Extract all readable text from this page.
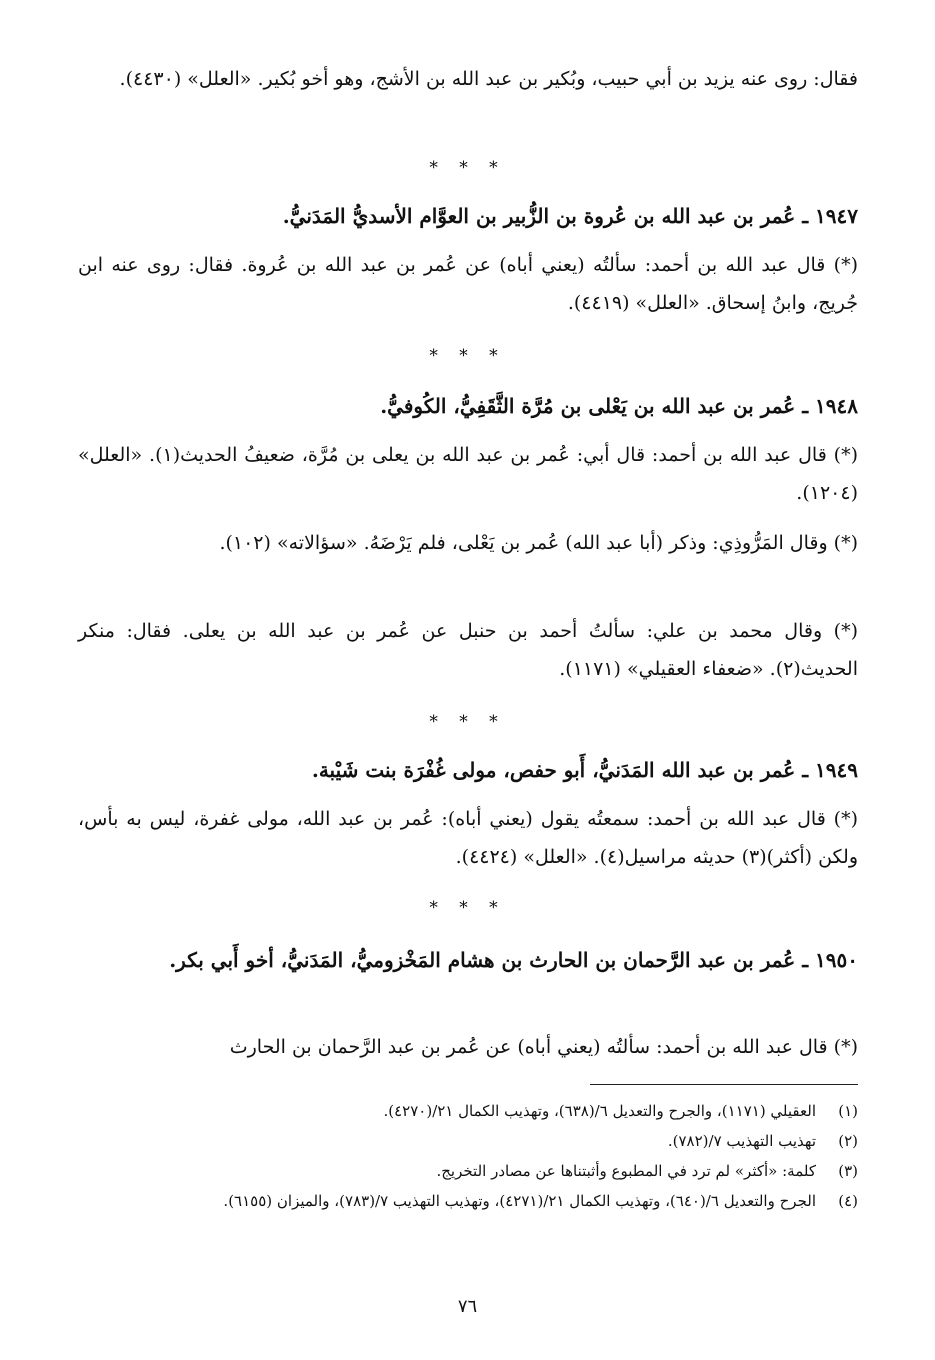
فقال: روى عنه يزيد بن أبي حبيب، وبُكير بن عبد الله بن الأشج، وهو أخو بُكير. «العلل» (٤٤٣٠).
* * *
١٩٤٧ ـ عُمر بن عبد الله بن عُروة بن الزُّبير بن العوَّام الأسديُّ المَدَنيُّ.
(*) قال عبد الله بن أحمد: سألتُه (يعني أباه) عن عُمر بن عبد الله بن عُروة. فقال: روى عنه ابن جُريج، وابنُ إسحاق. «العلل» (٤٤١٩).
* * *
١٩٤٨ ـ عُمر بن عبد الله بن يَعْلى بن مُرَّة الثَّقَفِيُّ، الكُوفيُّ.
(*) قال عبد الله بن أحمد: قال أبي: عُمر بن عبد الله بن يعلى بن مُرَّة، ضعيفُ الحديث(١). «العلل» (١٢٠٤).
(*) وقال المَرُّوذِي: وذكر (أبا عبد الله) عُمر بن يَعْلى، فلم يَرْضَهُ. «سؤالاته» (١٠٢).
(*) وقال محمد بن علي: سألتُ أحمد بن حنبل عن عُمر بن عبد الله بن يعلى. فقال: منكر الحديث(٢). «ضعفاء العقيلي» (١١٧١).
* * *
١٩٤٩ ـ عُمر بن عبد الله المَدَنيُّ، أَبو حفص، مولى غُفْرَة بنت شَيْبة.
(*) قال عبد الله بن أحمد: سمعتُه يقول (يعني أباه): عُمر بن عبد الله، مولى غفرة، ليس به بأس، ولكن (أكثر)(٣) حديثه مراسيل(٤). «العلل» (٤٤٢٤).
* * *
١٩٥٠ ـ عُمر بن عبد الرَّحمان بن الحارث بن هشام المَخْزوميُّ، المَدَنيُّ، أخو أَبي بكر.
(*) قال عبد الله بن أحمد: سألتُه (يعني أباه) عن عُمر بن عبد الرَّحمان بن الحارث
(١)
العقيلي (١١٧١)، والجرح والتعديل ٦/(٦٣٨)، وتهذيب الكمال ٢١/(٤٢٧٠).
(٢)
تهذيب التهذيب ٧/(٧٨٢).
(٣)
كلمة: «أكثر» لم ترد في المطبوع وأثبتناها عن مصادر التخريج.
(٤)
الجرح والتعديل ٦/(٦٤٠)، وتهذيب الكمال ٢١/(٤٢٧١)، وتهذيب التهذيب ٧/(٧٨٣)، والميزان (٦١٥٥).
٧٦
